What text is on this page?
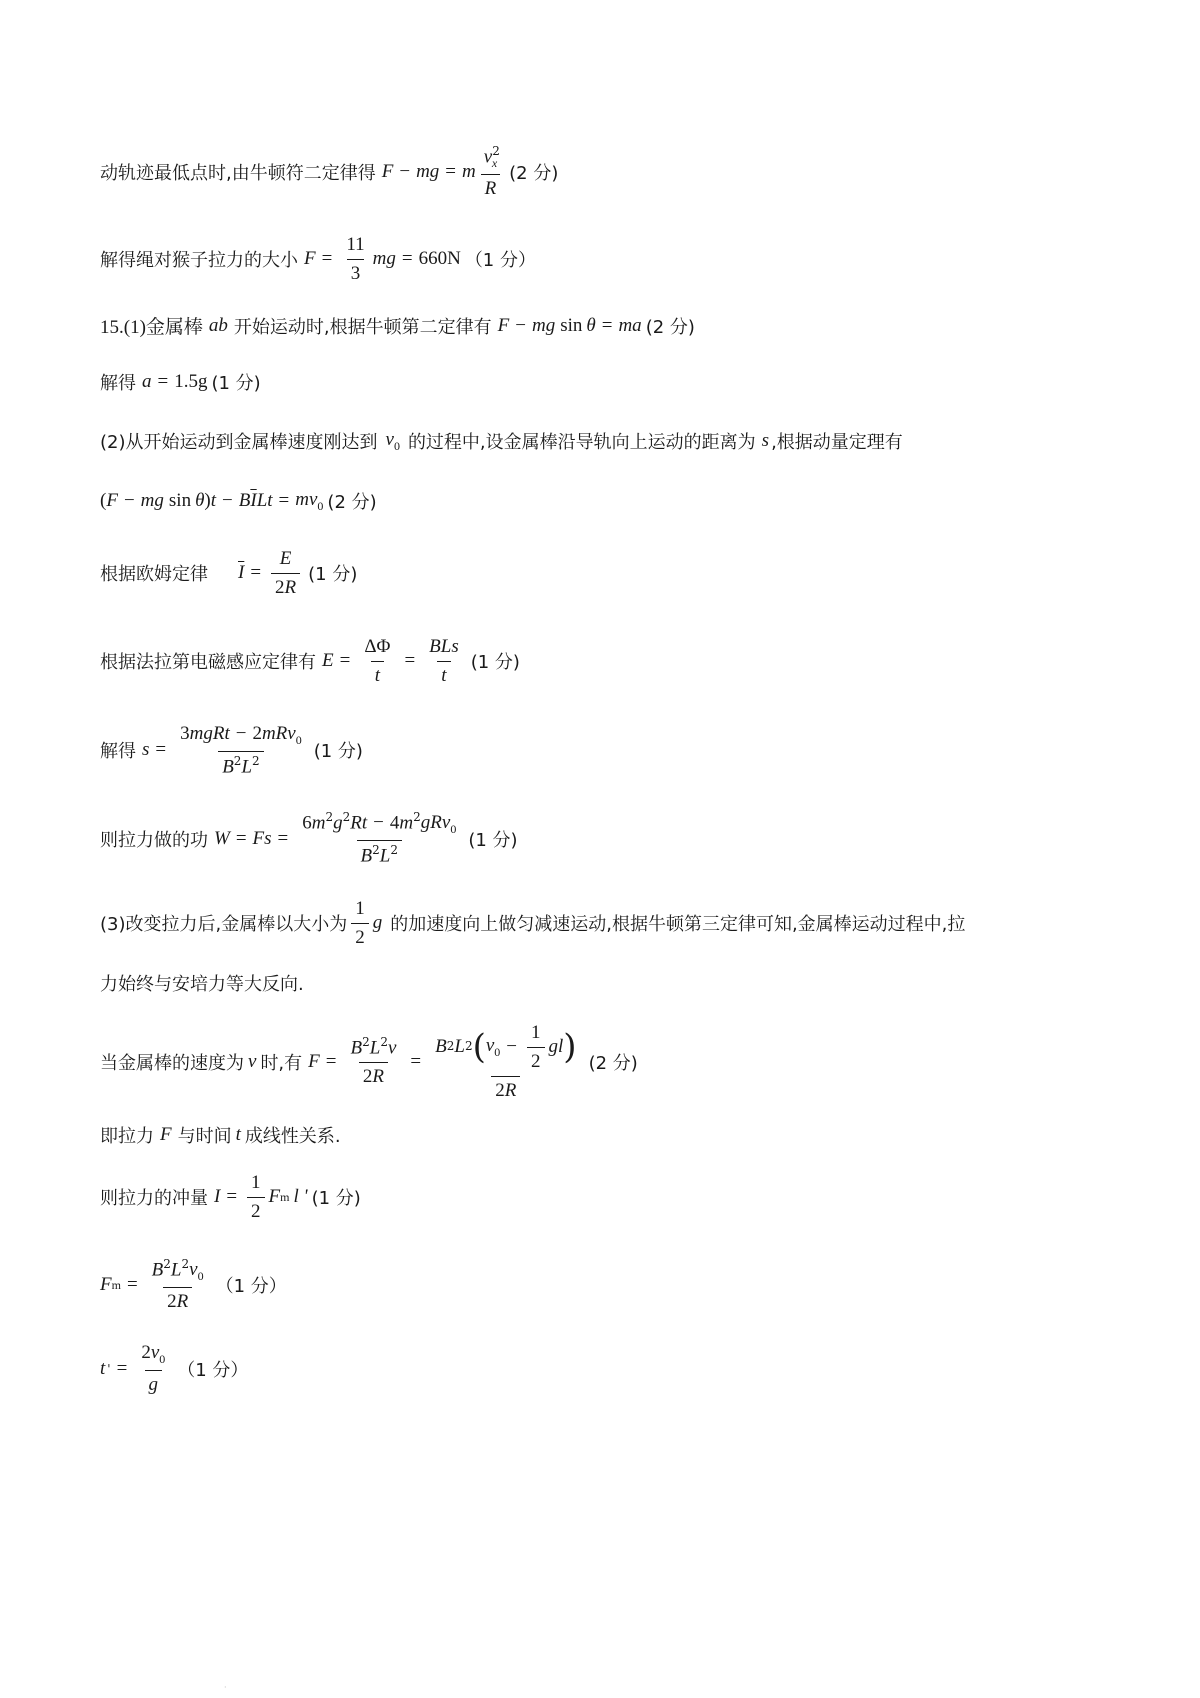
动轨迹最低点时,由牛顿符二定律得 F − mg = m $\frac{v^2_x}{R} (2$ 分)
解得绳对猴子拉力的大小 $F = \frac{11}{3}$ mg = 660N （1 分）
15.(1)金属棒 ab 开始运动时,根据牛顿第二定律有 F − mg sin θ = ma (2 分)
解得 a = 1.5g (1 分)
(2)从开始运动到金属棒速度刚达到 $v_0$ 的过程中,设金属棒沿导轨向上运动的距离为 s ,根据动量定理有
( F − mg sin θ ) t − B $\overline{I}$ $Lt = mv_0$ (2 分)
根据欧姆定律 $\overline{I} = \frac{E}{2R} (1$ 分)
根据法拉第电磁感应定律有 $E = \frac{\Delta\Phi}{t} = \frac{\text{BLs}}{t} (1$ 分)
解得 $s = \frac{3mgRt - 2mRv_0}{B^2L^2} (1$ 分)
则拉力做的功 $W = Fs = \frac{6m^2g^2Rt - 4m^2gRv_0}{B^2L^2} (1$ 分)
(3)改变拉力后,金属棒以大小为 $\frac{1}{2}$ g 的加速度向上做匀减速运动,根据牛顿第三定律可知,金属棒运动过程中,拉
力始终与安培力等大反向.
当金属棒的速度为 v 时,有 $F = \frac{B^2L^2v}{2R} = \frac{B 2 L 2 ( v_0 - \frac{1}{2} gl )}{2R} (2$ 分)
即拉力 F 与时间 t 成线性关系.
则拉力的冲量 $I = \frac{1}{2}$ F m l ' (1 分)
F $m = \frac{B^2L^2v_0}{2R} (1$ 分）
t ' = $\frac{2v_0}{g} (1$ 分）
·
